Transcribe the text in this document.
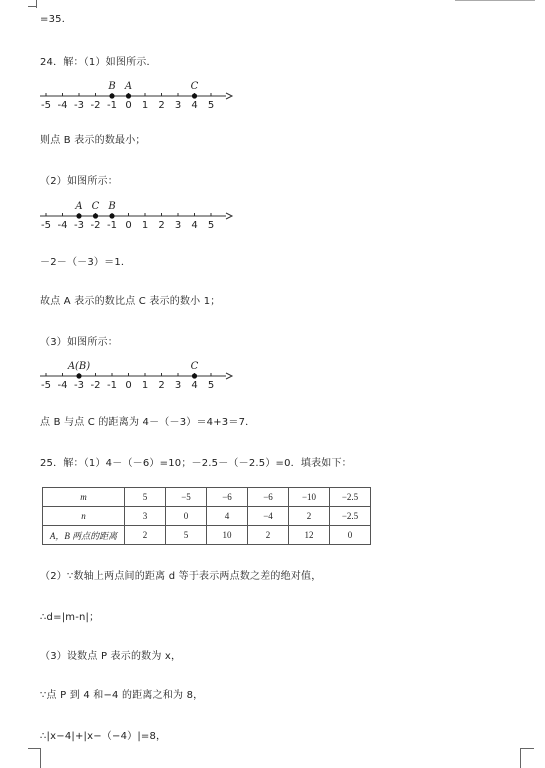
=35．
24．解：（1）如图所示．
-5 -4 -3 -2 -1 0 1 2 3 4 5
B A	C
则点 B 表示的数最小；
（2）如图所示：
-5 -4 -3 -2 -1 0 1 2 3 4 5
A C B
－2－（－3）＝1．
故点 A 表示的数比点 C 表示的数小 1；
（3）如图所示：
-5 -4 -3 -2 -1 0 1 2 3 4 5
A(B)	C
点 B 与点 C 的距离为 4－（－3）＝4+3＝7．
25．解：（1）4－（－6）=10；－2.5－（－2.5）=0．填表如下：
m	5	−5	−6	−6	−10	−2.5
n	3	0	4	−4	2	−2.5
A，B 两点的距离	2	5	10	2	12	0
（2）∵数轴上两点间的距离 d 等于表示两点数之差的绝对值，
∴d=|m-n|；
（3）设数点 P 表示的数为 x，
∵点 P 到 4 和−4 的距离之和为 8，
∴|x−4|+|x−（−4）|=8，
